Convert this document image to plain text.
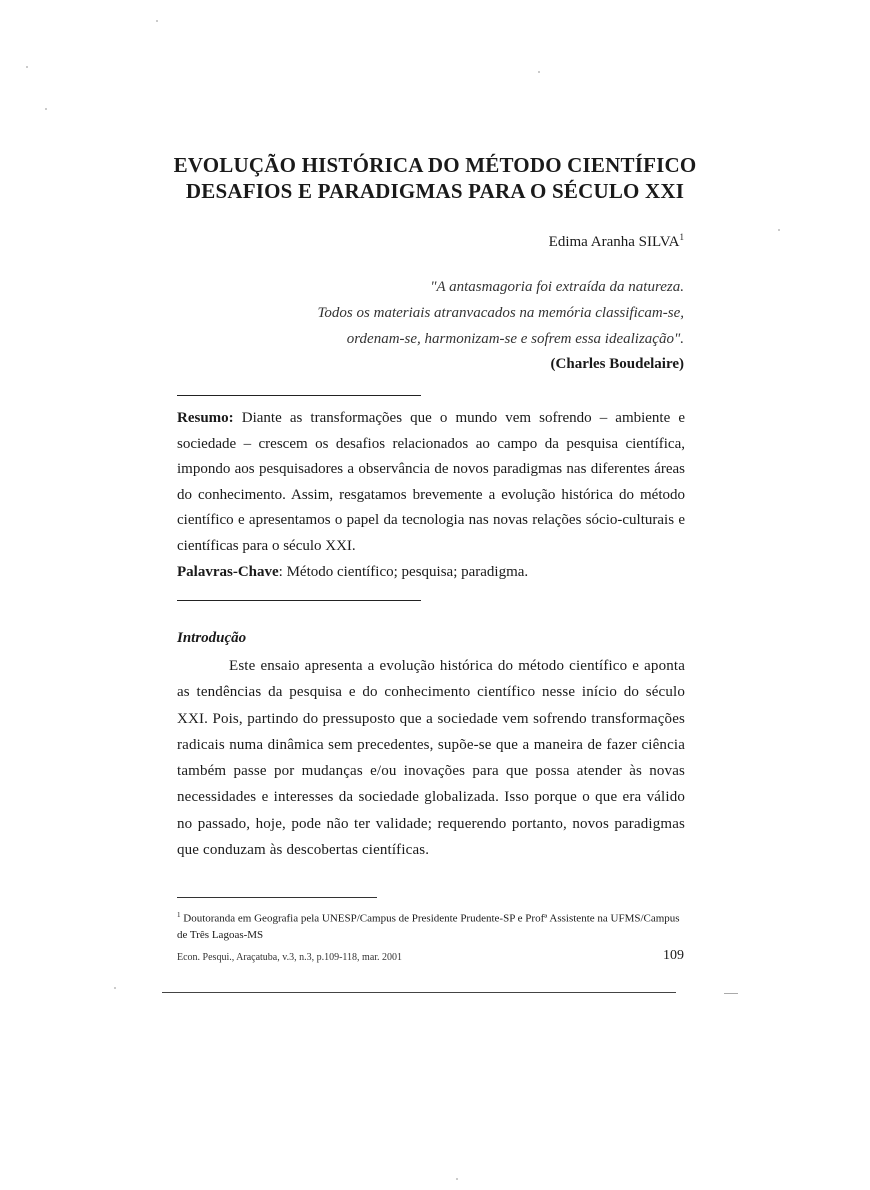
EVOLUÇÃO HISTÓRICA DO MÉTODO CIENTÍFICO
DESAFIOS E PARADIGMAS PARA O SÉCULO XXI
Edima Aranha SILVA$^1$
"A antasmagoria foi extraída da natureza.
Todos os materiais atranvacados na memória classificam-se,
ordenam-se, harmonizam-se e sofrem essa idealização".
(Charles Boudelaire)

Resumo: Diante as transformações que o mundo vem sofrendo – ambiente e sociedade – crescem os desafios relacionados ao campo da pesquisa científica, impondo aos pesquisadores a observância de novos paradigmas nas diferentes áreas do conhecimento. Assim, resgatamos brevemente a evolução histórica do método científico e apresentamos o papel da tecnologia nas novas relações sócio-culturais e científicas para o século XXI.

Palavras-Chave: Método científico; pesquisa; paradigma.

Introdução

Este ensaio apresenta a evolução histórica do método científico e aponta as tendências da pesquisa e do conhecimento científico nesse início do século XXI. Pois, partindo do pressuposto que a sociedade vem sofrendo transformações radicais numa dinâmica sem precedentes, supõe-se que a maneira de fazer ciência também passe por mudanças e/ou inovações para que possa atender às novas necessidades e interesses da sociedade globalizada. Isso porque o que era válido no passado, hoje, pode não ter validade; requerendo portanto, novos paradigmas que conduzam às descobertas científicas.

$^1$ Doutoranda em Geografia pela UNESP/Campus de Presidente Prudente-SP e Profª Assistente na UFMS/Campus de Três Lagoas-MS

Econ. Pesqui., Araçatuba, v.3, n.3, p.109-118, mar. 2001	109
